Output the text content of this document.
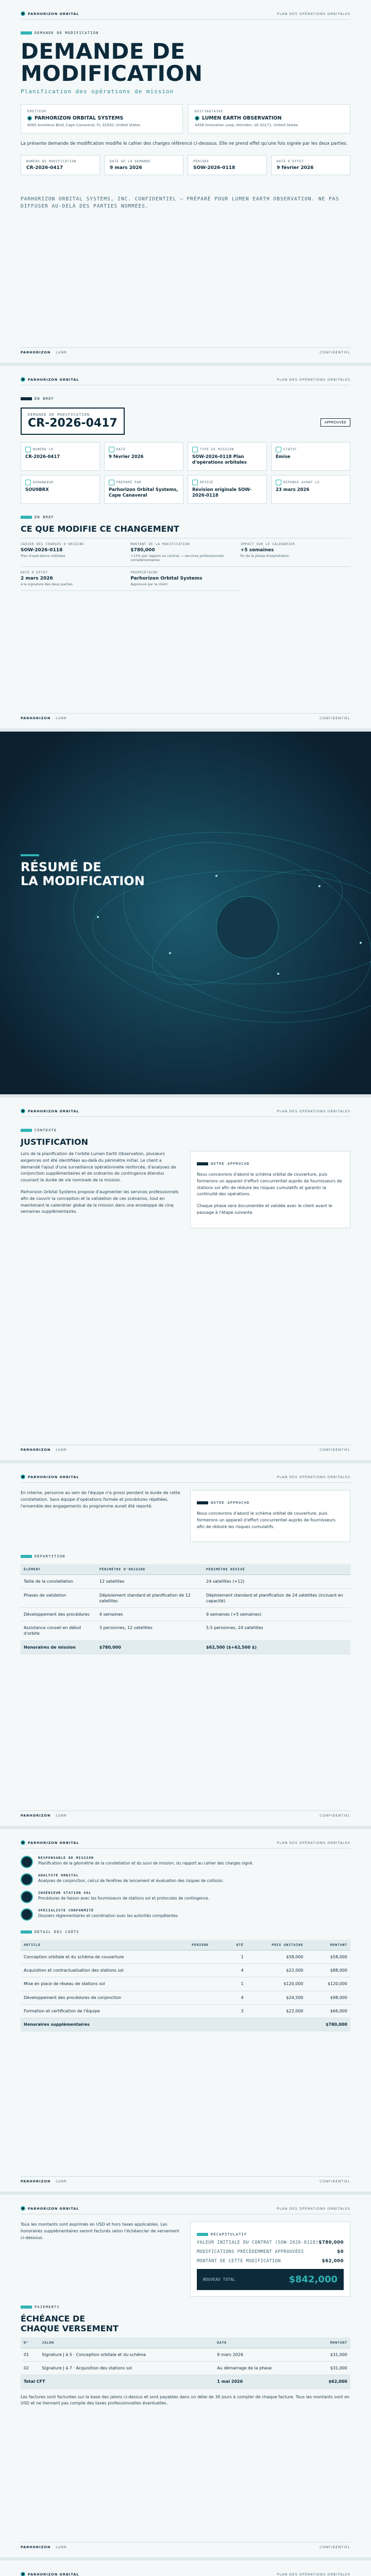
PARHORIZON ORBITAL	PLAN DES OPÉRATIONS ORBITALES
DEMANDE DE MODIFICATION
DEMANDE DE
MODIFICATION
Planification des opérations de mission
ÉMETTEUR
PARHORIZON ORBITAL SYSTEMS
8065 Annieeux Blvd, Cape Canaveral, FL 32920, United States
DESTINATAIRE
LUMEN EARTH OBSERVATION
4458 Innovation Loop, Herndon, VA 20171, United States

La présente demande de modification modifie le cahier des charges référencé ci-dessous. Elle ne prend effet qu'une fois signée par les deux parties.

NUMÉRO DE MODIFICATION
CR-2026-0417
DATE DE LA DEMANDE
9 mars 2026
PÉRIODE
SOW-2026-0118
DATE D'EFFET
9 février 2026

PARHORIZON ORBITAL SYSTEMS, INC. CONFIDENTIEL — PRÉPARÉ POUR LUMEN EARTH OBSERVATION. NE PAS DIFFUSER AU-DELÀ DES PARTIES NOMMÉES.

PARHORIZON LUNR	CONFIDENTIEL
PARHORIZON ORBITAL	PLAN DES OPÉRATIONS ORBITALES
EN BREF
DEMANDE DE MODIFICATION
CR-2026-0417	APPROUVÉE
NUMÉRO CR
CR-2026-0417
DATE
9 février 2026
TYPE DE MISSION
SOW-2026-0118 Plan d'opérations orbitales
STATUT
Émise
DEMANDEUR
SOU9BRX
PRÉPARÉ PAR
Parhorizon Orbital Systems, Cape Canaveral
RÉVISÉ
Révision originale SOW-2026-0118
RÉPONSE AVANT LE
23 mars 2026
EN BREF
CE QUE MODIFIE CE CHANGEMENT
CAHIER DES CHARGES D'ORIGINE
SOW-2026-0118
Plan d'opérations orbitales
MONTANT DE LA MODIFICATION
$780,000
+13% par rapport au contrat — services professionnels complémentaires
IMPACT SUR LE CALENDRIER
+5 semaines
fin de la phase d'exploitation
DATE D'EFFET
2 mars 2026
à la signature des deux parties
PROPRIÉTAIRE
Parhorizon Orbital Systems
Approuvé par le client
PARHORIZON LUNR	CONFIDENTIEL
RÉSUMÉ DE
LA MODIFICATION
PARHORIZON ORBITAL	PLAN DES OPÉRATIONS ORBITALES
CONTEXTE
JUSTIFICATION

Lors de la planification de l'orbite Lumen Earth Observation, plusieurs exigences ont été identifiées au-delà du périmètre initial. Le client a demandé l'ajout d'une surveillance opérationnelle renforcée, d'analyses de conjonction supplémentaires et de scénarios de contingence étendus couvrant la durée de vie nominale de la mission.

Parhorizon Orbital Systems propose d'augmenter les services professionnels afin de couvrir la conception et la validation de ces scénarios, tout en maintenant le calendrier global de la mission dans une enveloppe de cinq semaines supplémentaires.

NOTRE APPROCHE

Nous concevrons d'abord le schéma orbital de couverture, puis formerons un appareil d'effort concurrentiel auprès de fournisseurs de stations sol afin de réduire les risques cumulatifs et garantir la continuité des opérations.

Chaque phase sera documentée et validée avec le client avant le passage à l'étape suivante.

PARHORIZON LUNR	CONFIDENTIEL
PARHORIZON ORBITAL	PLAN DES OPÉRATIONS ORBITALES

En interne, personne au sein de l'équipe n'a grossi pendant la durée de cette constellation. Sans équipe d'opérations formée et procédures répétées, l'ensemble des engagements du programme aurait été reporté.

NOTRE APPROCHE

Nous concevrons d'abord le schéma orbital de couverture, puis formerons un appareil d'effort concurrentiel auprès de fournisseurs afin de réduire les risques cumulatifs.

RÉPARTITION
ÉLÉMENT	PÉRIMÈTRE D'ORIGINE	PÉRIMÈTRE RÉVISÉ
Taille de la constellation	12 satellites	24 satellites (+12)
Phases de validation	Déploiement standard et planification de 12 satellites	Déploiement standard et planification de 24 satellites (incluant en capacité)
Développement des procédures	4 semaines	9 semaines (+5 semaines)
Assistance conseil en début d'orbite	3 personnes, 12 satellites	5.5 personnes, 24 satellites
Honoraires de mission	$780,000	$62,500 ($+62,500 $)
PARHORIZON LUNR	CONFIDENTIEL
PARHORIZON ORBITAL	PLAN DES OPÉRATIONS ORBITALES
RESPONSABLE DE MISSION
Planification de la géométrie de la constellation et du suivi de mission, du rapport au cahier des charges signé.
ANALYSTE ORBITAL
Analyses de conjonction, calcul de fenêtres de lancement et évaluation des risques de collision.
INGÉNIEUR STATION SOL
Procédures de liaison avec les fournisseurs de stations sol et protocoles de contingence.
SPÉCIALISTE CONFORMITÉ
Dossiers réglementaires et coordination avec les autorités compétentes.
DÉTAIL DES COÛTS
ARTICLE	PÉRIODE	QTÉ	PRIX UNITAIRE	MONTANT
Conception orbitale et du schéma de couverture		1	$58,000	$58,000
Acquisition et contractualisation des stations sol		4	$22,000	$88,000
Mise en place de réseau de stations sol		1	$120,000	$120,000
Développement des procédures de conjonction		4	$24,500	$98,000
Formation et certification de l'équipe		3	$22,000	$66,000
Honoraires supplémentaires				$780,000
PARHORIZON LUNR	CONFIDENTIEL
PARHORIZON ORBITAL	PLAN DES OPÉRATIONS ORBITALES

Tous les montants sont exprimés en USD et hors taxes applicables. Les honoraires supplémentaires seront facturés selon l'échéancier de versement ci-dessous.

RÉCAPITULATIF
VALEUR INITIALE DU CONTRAT (SOW-2026-0118) $780,000
MODIFICATIONS PRÉCÉDEMMENT APPROUVÉES	$0
MONTANT DE CETTE MODIFICATION	$62,000
NOUVEAU TOTAL	$842,000
PAIEMENTS
ÉCHÉANCE DE
CHAQUE VERSEMENT
N°	JALON	DATE	MONTANT
01	Signature J à 5 · Conception orbitale et du schéma	9 mars 2026	$31,000
02	Signature J à 7 · Acquisition des stations sol	Au démarrage de la phase	$31,000
Total CFT		1 mai 2026	$62,000

Les factures sont facturées sur la base des jalons ci-dessus et sont payables dans un délai de 30 jours à compter de chaque facture. Tous les montants sont en USD et ne tiennent pas compte des taxes professionnelles éventuelles.

PARHORIZON LUNR	CONFIDENTIEL
PARHORIZON ORBITAL	PLAN DES OPÉRATIONS ORBITALES
